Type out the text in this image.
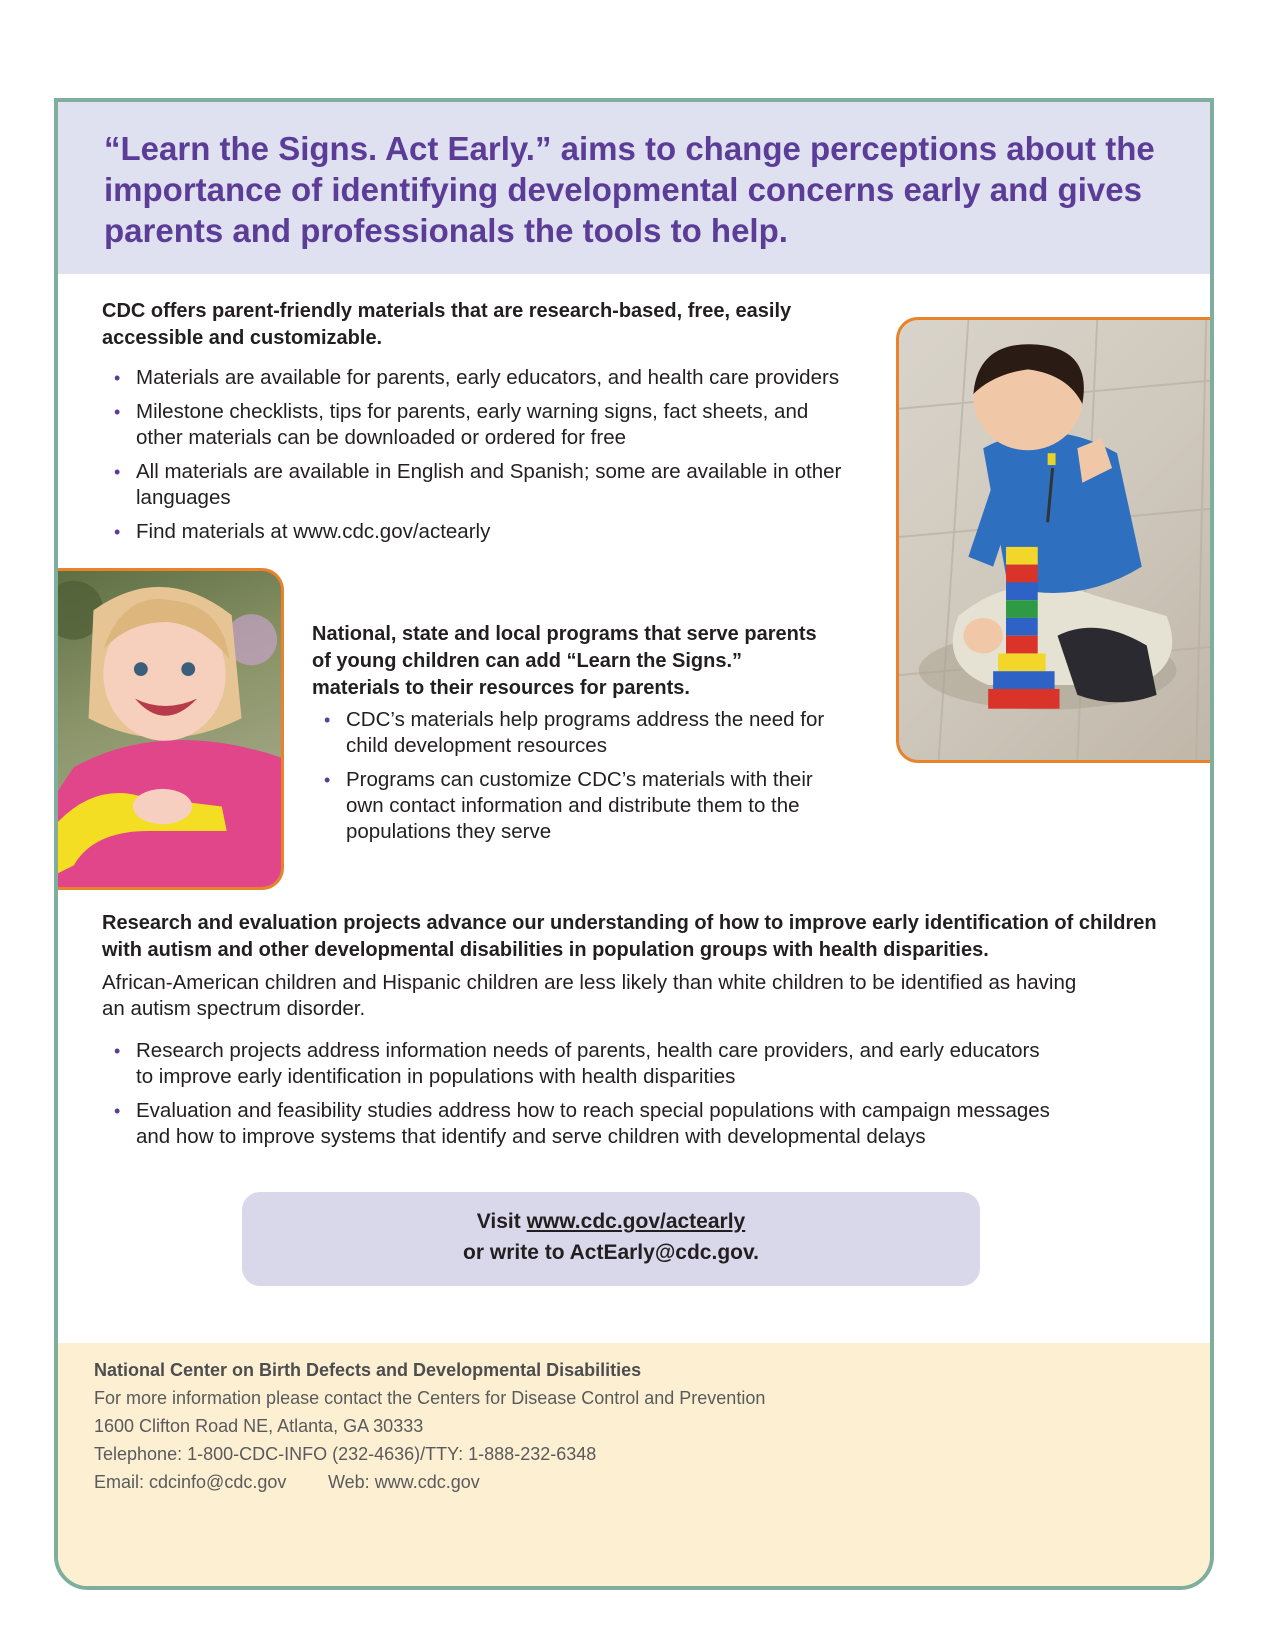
“Learn the Signs. Act Early.” aims to change perceptions about the importance of identifying developmental concerns early and gives parents and professionals the tools to help.

CDC offers parent-friendly materials that are research-based, free, easily accessible and customizable.

• Materials are available for parents, early educators, and health care providers
• Milestone checklists, tips for parents, early warning signs, fact sheets, and other materials can be downloaded or ordered for free
• All materials are available in English and Spanish; some are available in other languages
• Find materials at www.cdc.gov/actearly

National, state and local programs that serve parents of young children can add “Learn the Signs.” materials to their resources for parents.

• CDC’s materials help programs address the need for child development resources
• Programs can customize CDC’s materials with their own contact information and distribute them to the populations they serve

Research and evaluation projects advance our understanding of how to improve early identification of children with autism and other developmental disabilities in population groups with health disparities.

African-American children and Hispanic children are less likely than white children to be identified as having an autism spectrum disorder.

• Research projects address information needs of parents, health care providers, and early educators to improve early identification in populations with health disparities
• Evaluation and feasibility studies address how to reach special populations with campaign messages and how to improve systems that identify and serve children with developmental delays
Visit www.cdc.gov/actearly
or write to ActEarly@cdc.gov.
National Center on Birth Defects and Developmental Disabilities
For more information please contact the Centers for Disease Control and Prevention
1600 Clifton Road NE, Atlanta, GA 30333
Telephone: 1-800-CDC-INFO (232-4636)/TTY: 1-888-232-6348
Email: cdcinfo@cdc.gov Web: www.cdc.gov
